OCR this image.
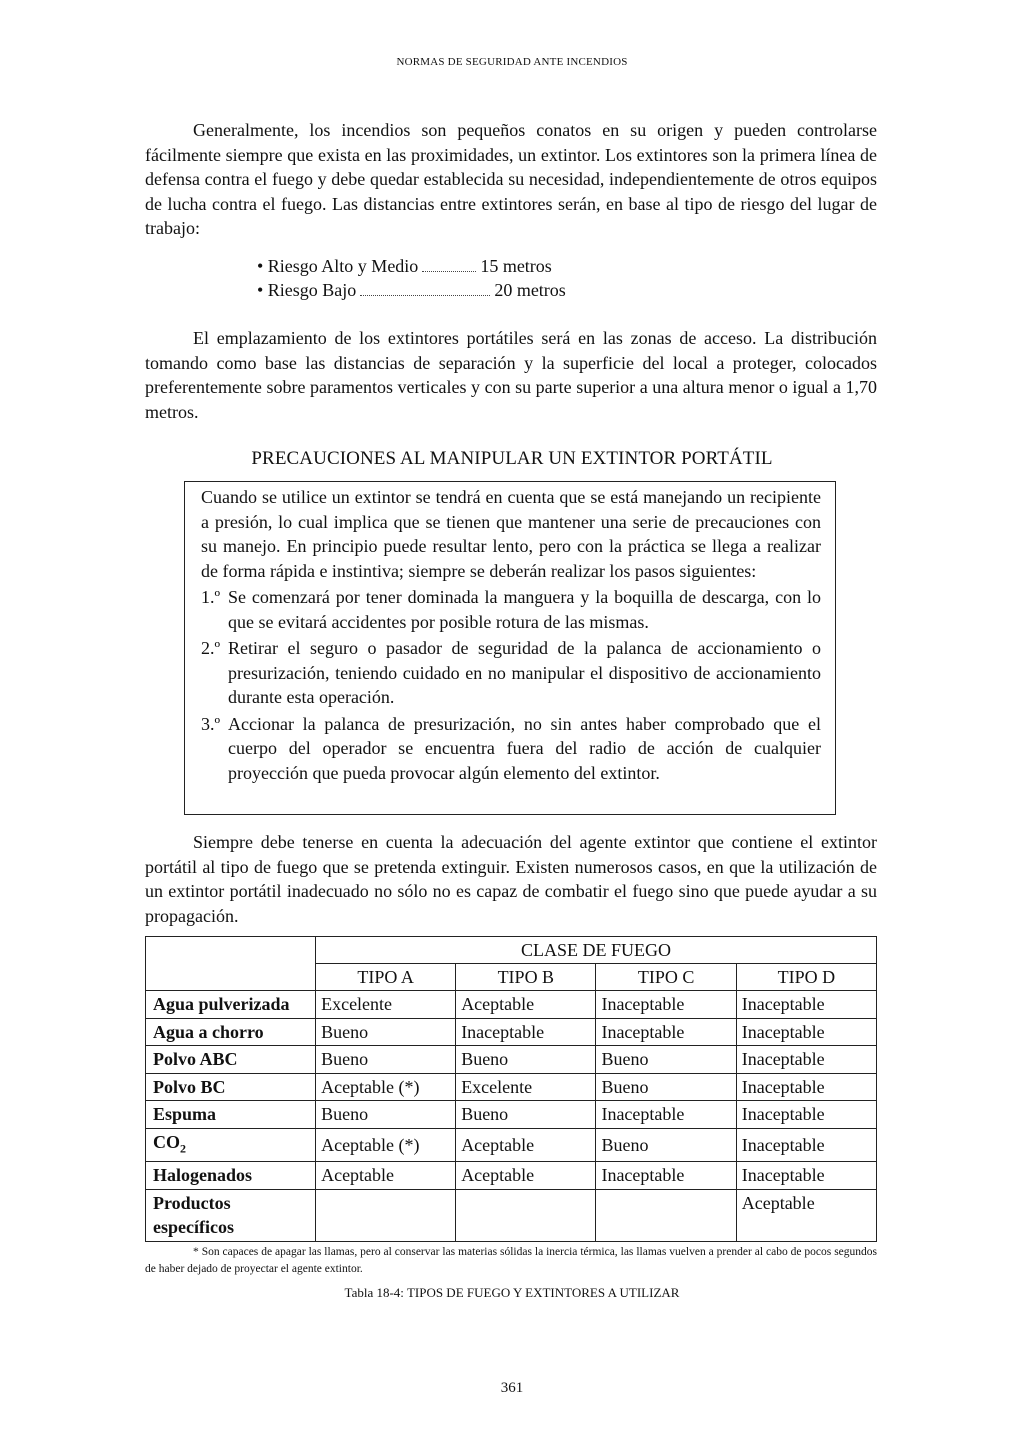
NORMAS DE SEGURIDAD ANTE INCENDIOS

Generalmente, los incendios son pequeños conatos en su origen y pueden controlarse fácilmente siempre que exista en las proximidades, un extintor. Los extintores son la primera línea de defensa contra el fuego y debe quedar establecida su necesidad, independientemente de otros equipos de lucha contra el fuego. Las distancias entre extintores serán, en base al tipo de riesgo del lugar de trabajo:

• Riesgo Alto y Medio	15 metros
• Riesgo Bajo	20 metros

El emplazamiento de los extintores portátiles será en las zonas de acceso. La distribución tomando como base las distancias de separación y la superficie del local a proteger, colocados preferentemente sobre paramentos verticales y con su parte superior a una altura menor o igual a 1,70 metros.

PRECAUCIONES AL MANIPULAR UN EXTINTOR PORTÁTIL

Cuando se utilice un extintor se tendrá en cuenta que se está manejando un recipiente a presión, lo cual implica que se tienen que mantener una serie de precauciones con su manejo. En principio puede resultar lento, pero con la práctica se llega a realizar de forma rápida e instintiva; siempre se deberán realizar los pasos siguientes:

1.º Se comenzará por tener dominada la manguera y la boquilla de descarga, con lo que se evitará accidentes por posible rotura de las mismas.
2.º Retirar el seguro o pasador de seguridad de la palanca de accionamiento o presurización, teniendo cuidado en no manipular el dispositivo de accionamiento durante esta operación.
3.º Accionar la palanca de presurización, no sin antes haber comprobado que el cuerpo del operador se encuentra fuera del radio de acción de cualquier proyección que pueda provocar algún elemento del extintor.

Siempre debe tenerse en cuenta la adecuación del agente extintor que contiene el extintor portátil al tipo de fuego que se pretenda extinguir. Existen numerosos casos, en que la utilización de un extintor portátil inadecuado no sólo no es capaz de combatir el fuego sino que puede ayudar a su propagación.

	CLASE DE FUEGO			
	TIPO A	TIPO B	TIPO C	TIPO D
Agua pulverizada	Excelente	Aceptable	Inaceptable	Inaceptable
Agua a chorro	Bueno	Inaceptable	Inaceptable	Inaceptable
Polvo ABC	Bueno	Bueno	Bueno	Inaceptable
Polvo BC	Aceptable (*)	Excelente	Bueno	Inaceptable
Espuma	Bueno	Bueno	Inaceptable	Inaceptable
$CO_2$	Aceptable (*)	Aceptable	Bueno	Inaceptable
Halogenados	Aceptable	Aceptable	Inaceptable	Inaceptable
Productos
específicos				Aceptable

* Son capaces de apagar las llamas, pero al conservar las materias sólidas la inercia térmica, las llamas vuelven a prender al cabo de pocos segundos de haber dejado de proyectar el agente extintor.

Tabla 18-4: TIPOS DE FUEGO Y EXTINTORES A UTILIZAR
361
